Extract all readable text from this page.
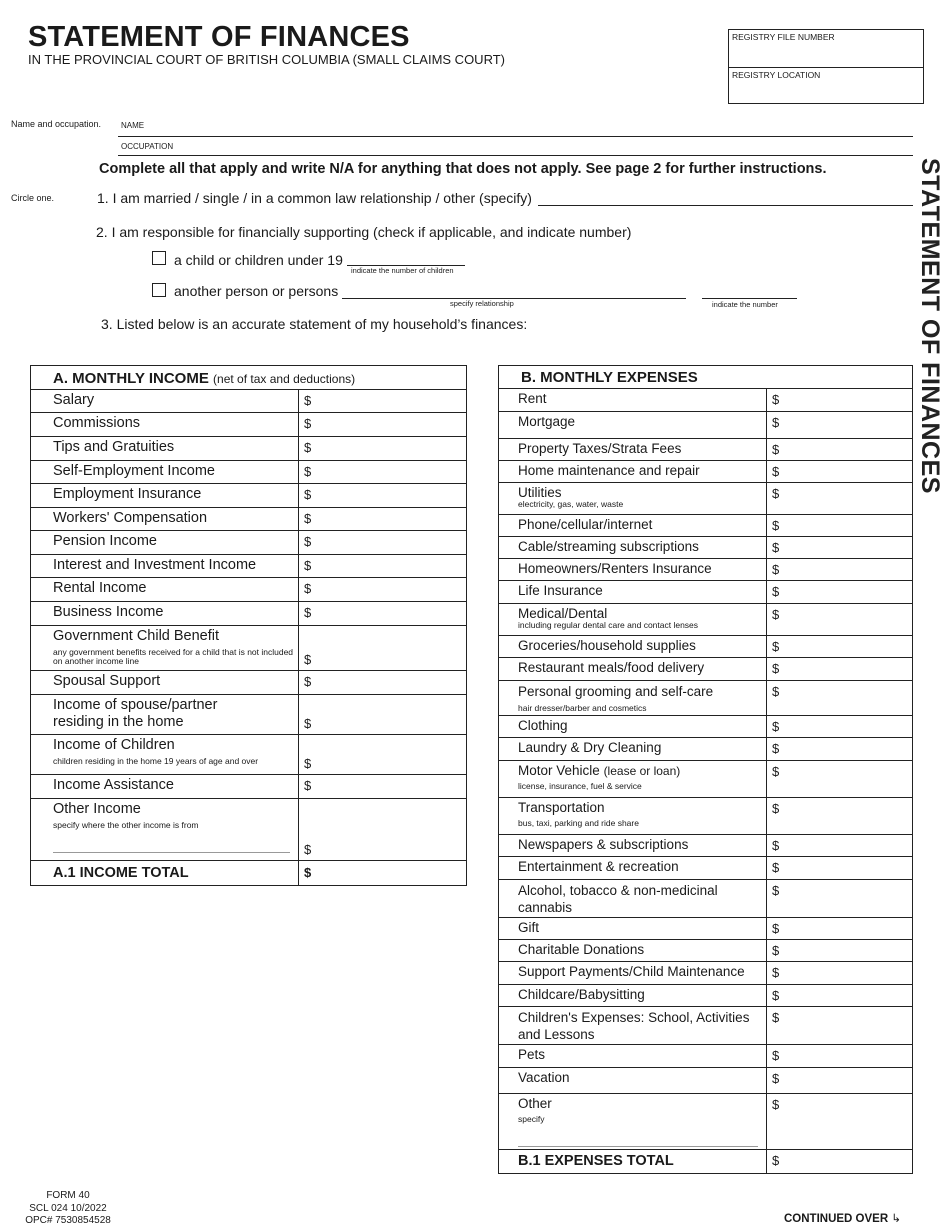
STATEMENT OF FINANCES
IN THE PROVINCIAL COURT OF BRITISH COLUMBIA (SMALL CLAIMS COURT)
REGISTRY FILE NUMBER
REGISTRY LOCATION
STATEMENT OF FINANCES
Name and occupation. NAME
OCCUPATION
Complete all that apply and write N/A for anything that does not apply. See page 2 for further instructions.
Circle one.	1. I am married / single / in a common law relationship / other (specify)
2. I am responsible for financially supporting (check if applicable, and indicate number)
a child or children under 19
indicate the number of children
another person or persons
specify relationship	indicate the number
3. Listed below is an accurate statement of my household’s finances:
A. MONTHLY INCOME (net of tax and deductions)	
Salary	$
Commissions	$
Tips and Gratuities	$
Self-Employment Income	$
Employment Insurance	$
Workers' Compensation	$
Pension Income	$
Interest and Investment Income	$
Rental Income	$
Business Income	$
Government Child Benefit
any government benefits received for a child that is not included on another income line	$
Spousal Support	$

Income of spouse/partner residing in the home	$
Income of Children
children residing in the home 19 years of age and over	$
Income Assistance	$
Other Income
specify where the other income is from	$
A.1 INCOME TOTAL	$
B. MONTHLY EXPENSES	
Rent	$
Mortgage	$
Property Taxes/Strata Fees	$
Home maintenance and repair	$
Utilities
electricity, gas, water, waste	$
Phone/cellular/internet	$
Cable/streaming subscriptions	$
Homeowners/Renters Insurance	$
Life Insurance	$
Medical/Dental
including regular dental care and contact lenses	$
Groceries/household supplies	$
Restaurant meals/food delivery	$

Personal grooming and self-care
hair dresser/barber and cosmetics	$
Clothing	$
Laundry & Dry Cleaning	$
Motor Vehicle (lease or loan)
license, insurance, fuel & service	$
Transportation
bus, taxi, parking and ride share	$
Newspapers & subscriptions	$
Entertainment & recreation	$

Alcohol, tobacco & non-medicinal cannabis	$
Gift	$
Charitable Donations	$
Support Payments/Child Maintenance	$
Childcare/Babysitting	$

Children's Expenses: School, Activities and Lessons	$
Pets	$
Vacation	$
Other
specify	$
B.1 EXPENSES TOTAL	$
FORM 40
SCL 024 10/2022
OPC# 7530854528	CONTINUED OVER ↳
